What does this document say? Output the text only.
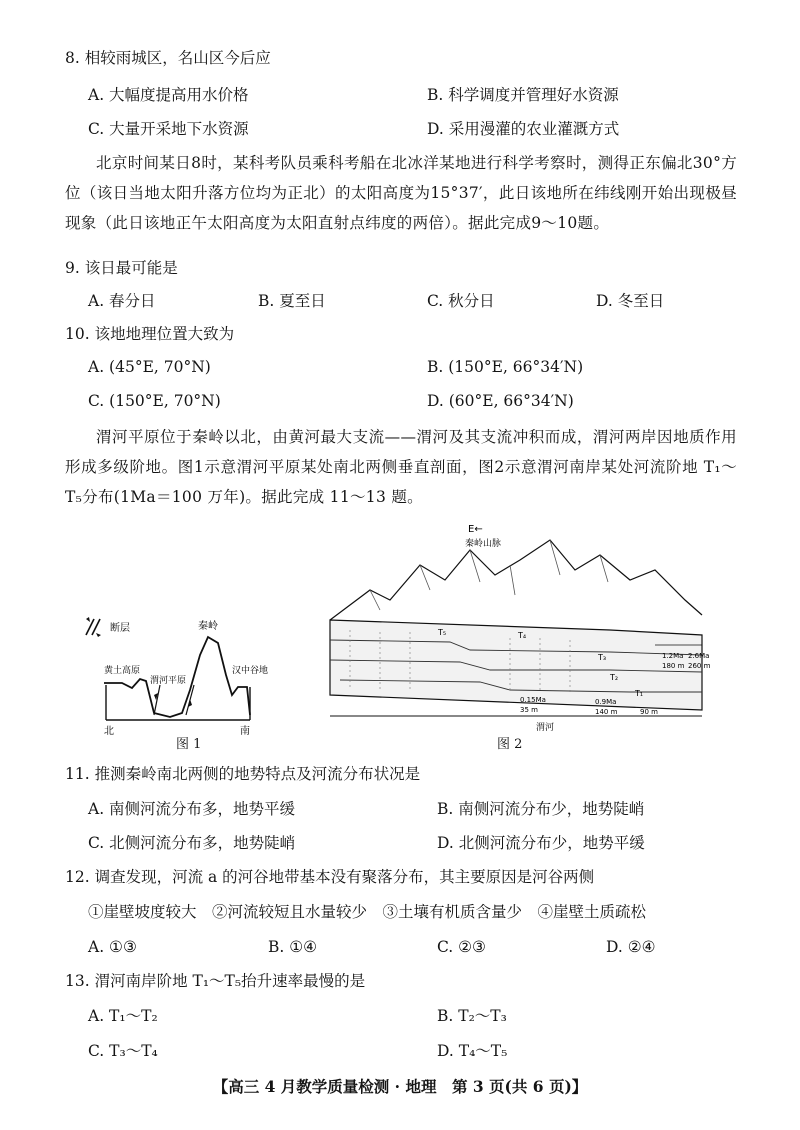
8. 相较雨城区，名山区今后应
A. 大幅度提高用水价格	B. 科学调度并管理好水资源
C. 大量开采地下水资源	D. 采用漫灌的农业灌溉方式
北京时间某日8时，某科考队员乘科考船在北冰洋某地进行科学考察时，测得正东偏北30°方位（该日当地太阳升落方位均为正北）的太阳高度为15°37′，此日该地所在纬线刚开始出现极昼现象（此日该地正午太阳高度为太阳直射点纬度的两倍）。据此完成9～10题。
9. 该日最可能是
A. 春分日	B. 夏至日	C. 秋分日	D. 冬至日
10. 该地地理位置大致为
A. (45°E, 70°N)	B. (150°E, 66°34′N)
C. (150°E, 70°N)	D. (60°E, 66°34′N)
渭河平原位于秦岭以北，由黄河最大支流——渭河及其支流冲积而成，渭河两岸因地质作用形成多级阶地。图1示意渭河平原某处南北两侧垂直剖面，图2示意渭河南岸某处河流阶地 T₁～T₅分布(1Ma＝100 万年)。据此完成 11～13 题。
断层	秦岭
黄土高原
渭河平原
汉中谷地
北	南
图 1
E←
秦岭山脉
T₅	T₄
T₃
T₂
T₁
1.2Ma
180 m
2.6Ma
260 m
0.15Ma
35 m
0.9Ma
140 m	90 m
渭河
图 2
11. 推测秦岭南北两侧的地势特点及河流分布状况是
A. 南侧河流分布多，地势平缓	B. 南侧河流分布少，地势陡峭
C. 北侧河流分布多，地势陡峭	D. 北侧河流分布少，地势平缓
12. 调查发现，河流 a 的河谷地带基本没有聚落分布，其主要原因是河谷两侧
①崖壁坡度较大　②河流较短且水量较少　③土壤有机质含量少　④崖壁土质疏松
A. ①③	B. ①④	C. ②③	D. ②④
13. 渭河南岸阶地 T₁～T₅抬升速率最慢的是
A. T₁～T₂	B. T₂～T₃
C. T₃～T₄	D. T₄～T₅
【高三 4 月教学质量检测 · 地理　第 3 页(共 6 页)】
